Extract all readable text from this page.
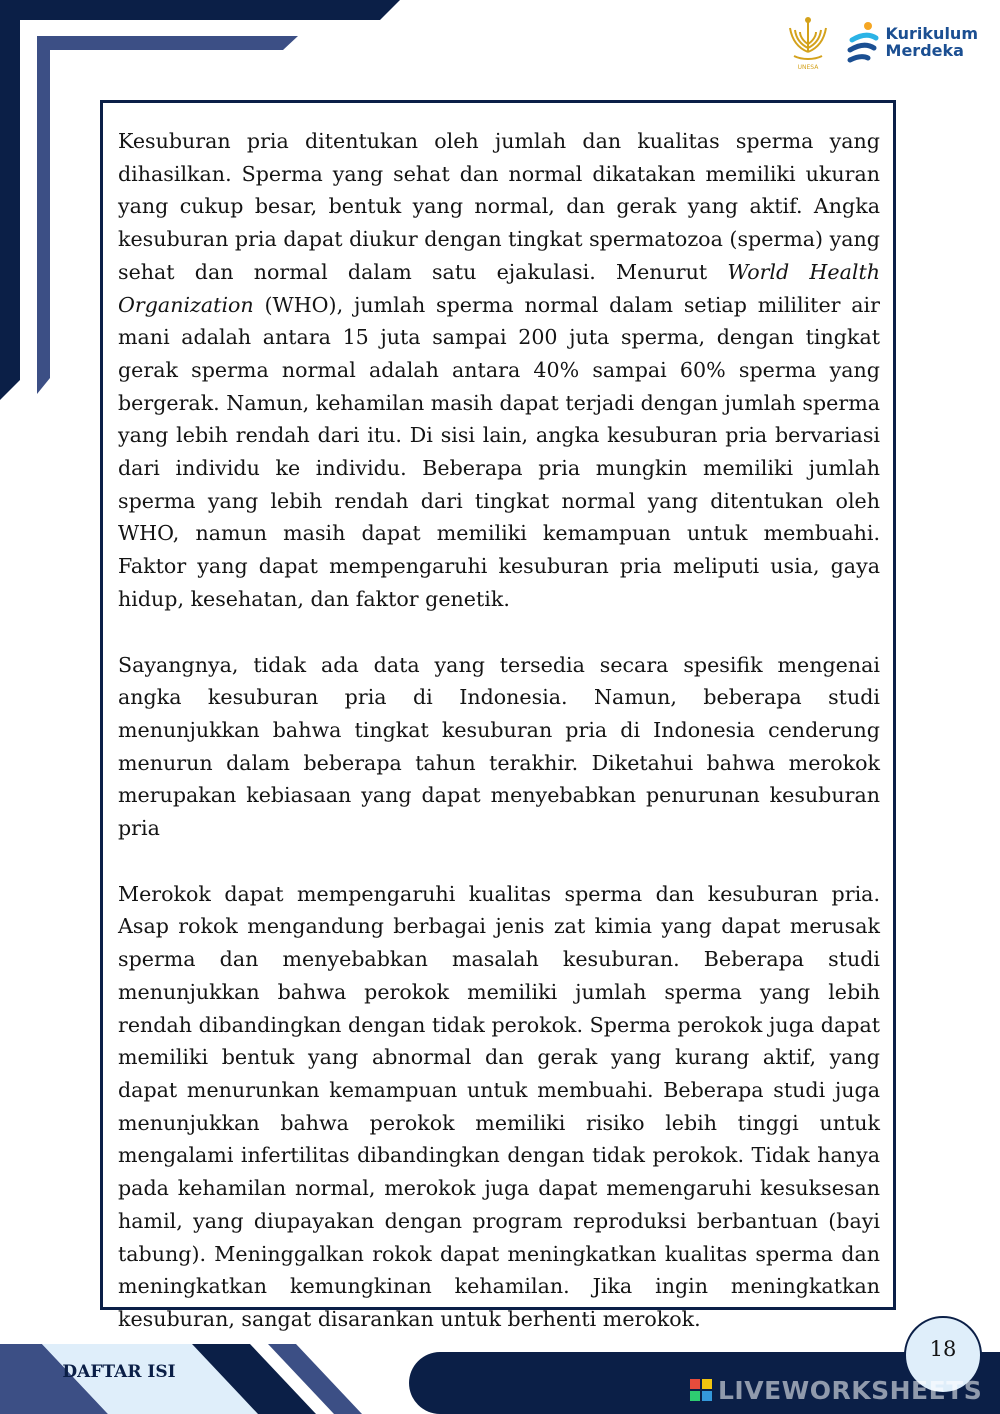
UNESA
Kurikulum
Merdeka

Kesuburan pria ditentukan oleh jumlah dan kualitas sperma yang dihasilkan. Sperma yang sehat dan normal dikatakan memiliki ukuran yang cukup besar, bentuk yang normal, dan gerak yang aktif. Angka kesuburan pria dapat diukur dengan tingkat spermatozoa (sperma) yang sehat dan normal dalam satu ejakulasi. Menurut World Health Organization (WHO), jumlah sperma normal dalam setiap mililiter air mani adalah antara 15 juta sampai 200 juta sperma, dengan tingkat gerak sperma normal adalah antara 40% sampai 60% sperma yang bergerak. Namun, kehamilan masih dapat terjadi dengan jumlah sperma yang lebih rendah dari itu. Di sisi lain, angka kesuburan pria bervariasi dari individu ke individu. Beberapa pria mungkin memiliki jumlah sperma yang lebih rendah dari tingkat normal yang ditentukan oleh WHO, namun masih dapat memiliki kemampuan untuk membuahi. Faktor yang dapat mempengaruhi kesuburan pria meliputi usia, gaya hidup, kesehatan, dan faktor genetik.

Sayangnya, tidak ada data yang tersedia secara spesifik mengenai angka kesuburan pria di Indonesia. Namun, beberapa studi menunjukkan bahwa tingkat kesuburan pria di Indonesia cenderung menurun dalam beberapa tahun terakhir. Diketahui bahwa merokok merupakan kebiasaan yang dapat menyebabkan penurunan kesuburan pria

Merokok dapat mempengaruhi kualitas sperma dan kesuburan pria. Asap rokok mengandung berbagai jenis zat kimia yang dapat merusak sperma dan menyebabkan masalah kesuburan. Beberapa studi menunjukkan bahwa perokok memiliki jumlah sperma yang lebih rendah dibandingkan dengan tidak perokok. Sperma perokok juga dapat memiliki bentuk yang abnormal dan gerak yang kurang aktif, yang dapat menurunkan kemampuan untuk membuahi. Beberapa studi juga menunjukkan bahwa perokok memiliki risiko lebih tinggi untuk mengalami infertilitas dibandingkan dengan tidak perokok. Tidak hanya pada kehamilan normal, merokok juga dapat memengaruhi kesuksesan hamil, yang diupayakan dengan program reproduksi berbantuan (bayi tabung). Meninggalkan rokok dapat meningkatkan kualitas sperma dan meningkatkan kemungkinan kehamilan. Jika ingin meningkatkan kesuburan, sangat disarankan untuk berhenti merokok.

DAFTAR ISI
18
LIVEWORKSHEETS
